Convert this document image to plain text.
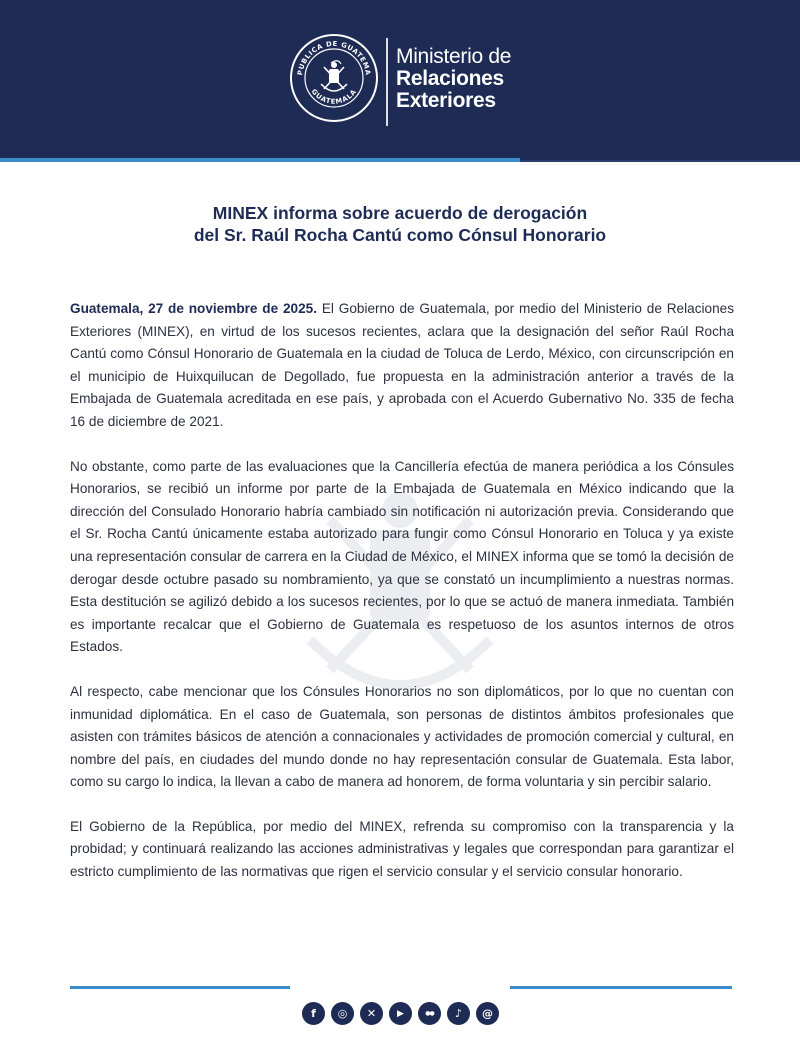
PUBLICA DE GUATEMA
GUATEMALA
Ministerio de
Relaciones
Exteriores
MINEX informa sobre acuerdo de derogación
del Sr. Raúl Rocha Cantú como Cónsul Honorario

Guatemala, 27 de noviembre de 2025. El Gobierno de Guatemala, por medio del Ministerio de Relaciones Exteriores (MINEX), en virtud de los sucesos recientes, aclara que la designación del señor Raúl Rocha Cantú como Cónsul Honorario de Guatemala en la ciudad de Toluca de Lerdo, México, con circunscripción en el municipio de Huixquilucan de Degollado, fue propuesta en la administración anterior a través de la Embajada de Guatemala acreditada en ese país, y aprobada con el Acuerdo Gubernativo No. 335 de fecha 16 de diciembre de 2021.

No obstante, como parte de las evaluaciones que la Cancillería efectúa de manera periódica a los Cónsules Honorarios, se recibió un informe por parte de la Embajada de Guatemala en México indicando que la dirección del Consulado Honorario habría cambiado sin notificación ni autorización previa. Considerando que el Sr. Rocha Cantú únicamente estaba autorizado para fungir como Cónsul Honorario en Toluca y ya existe una representación consular de carrera en la Ciudad de México, el MINEX informa que se tomó la decisión de derogar desde octubre pasado su nombramiento, ya que se constató un incumplimiento a nuestras normas. Esta destitución se agilizó debido a los sucesos recientes, por lo que se actuó de manera inmediata. También es importante recalcar que el Gobierno de Guatemala es respetuoso de los asuntos internos de otros Estados.

Al respecto, cabe mencionar que los Cónsules Honorarios no son diplomáticos, por lo que no cuentan con inmunidad diplomática. En el caso de Guatemala, son personas de distintos ámbitos profesionales que asisten con trámites básicos de atención a connacionales y actividades de promoción comercial y cultural, en nombre del país, en ciudades del mundo donde no hay representación consular de Guatemala. Esta labor, como su cargo lo indica, la llevan a cabo de manera ad honorem, de forma voluntaria y sin percibir salario.

El Gobierno de la República, por medio del MINEX, refrenda su compromiso con la transparencia y la probidad; y continuará realizando las acciones administrativas y legales que correspondan para garantizar el estricto cumplimiento de las normativas que rigen el servicio consular y el servicio consular honorario.

f	◎	✕	▶	●●	♪	@
